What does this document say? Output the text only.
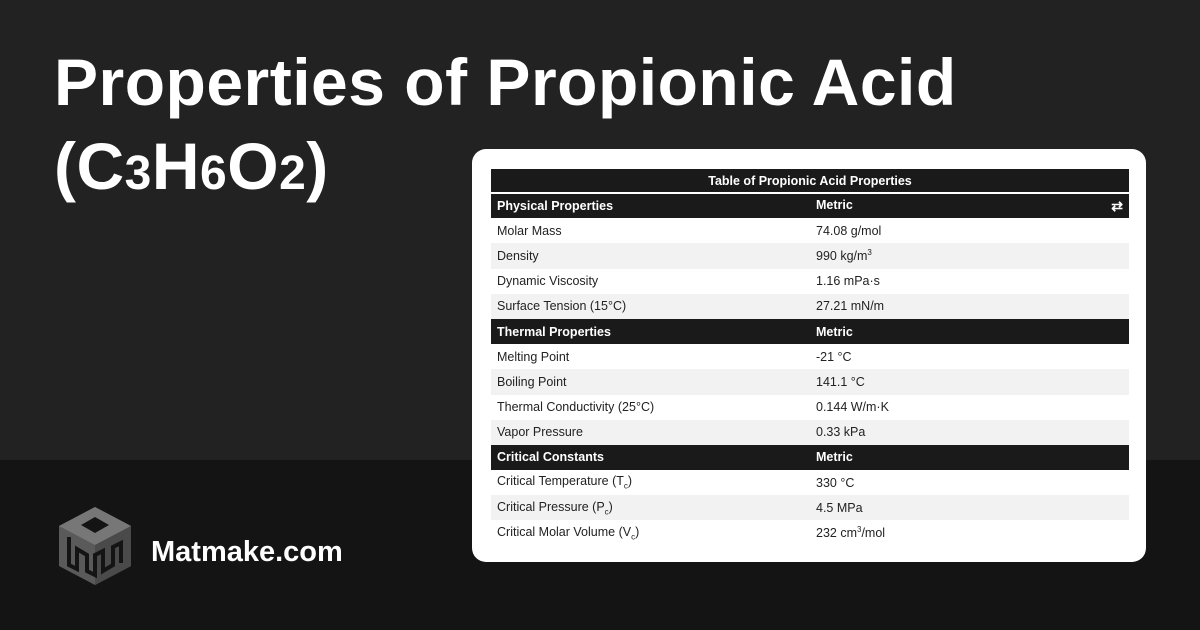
Properties of Propionic Acid
(C3H6O2)
Matmake.com
Table of Propionic Acid Properties	
Physical Properties	Metric ⇄

Molar Mass	74.08 g/mol
Density	990 $kg/m^3$
Dynamic Viscosity	1.16 mPa·s
Surface Tension (15°C)	27.21 mN/m
Thermal Properties	Metric
Melting Point	-21 °C
Boiling Point	141.1 °C
Thermal Conductivity (25°C)	0.144 W/m·K
Vapor Pressure	0.33 kPa
Critical Constants	Metric
Critical Temperature $(T_c)$	330 °C
Critical Pressure $(P_c)$	4.5 MPa
Critical Molar Volume $(V_c)$	232 $cm^3$/mol
